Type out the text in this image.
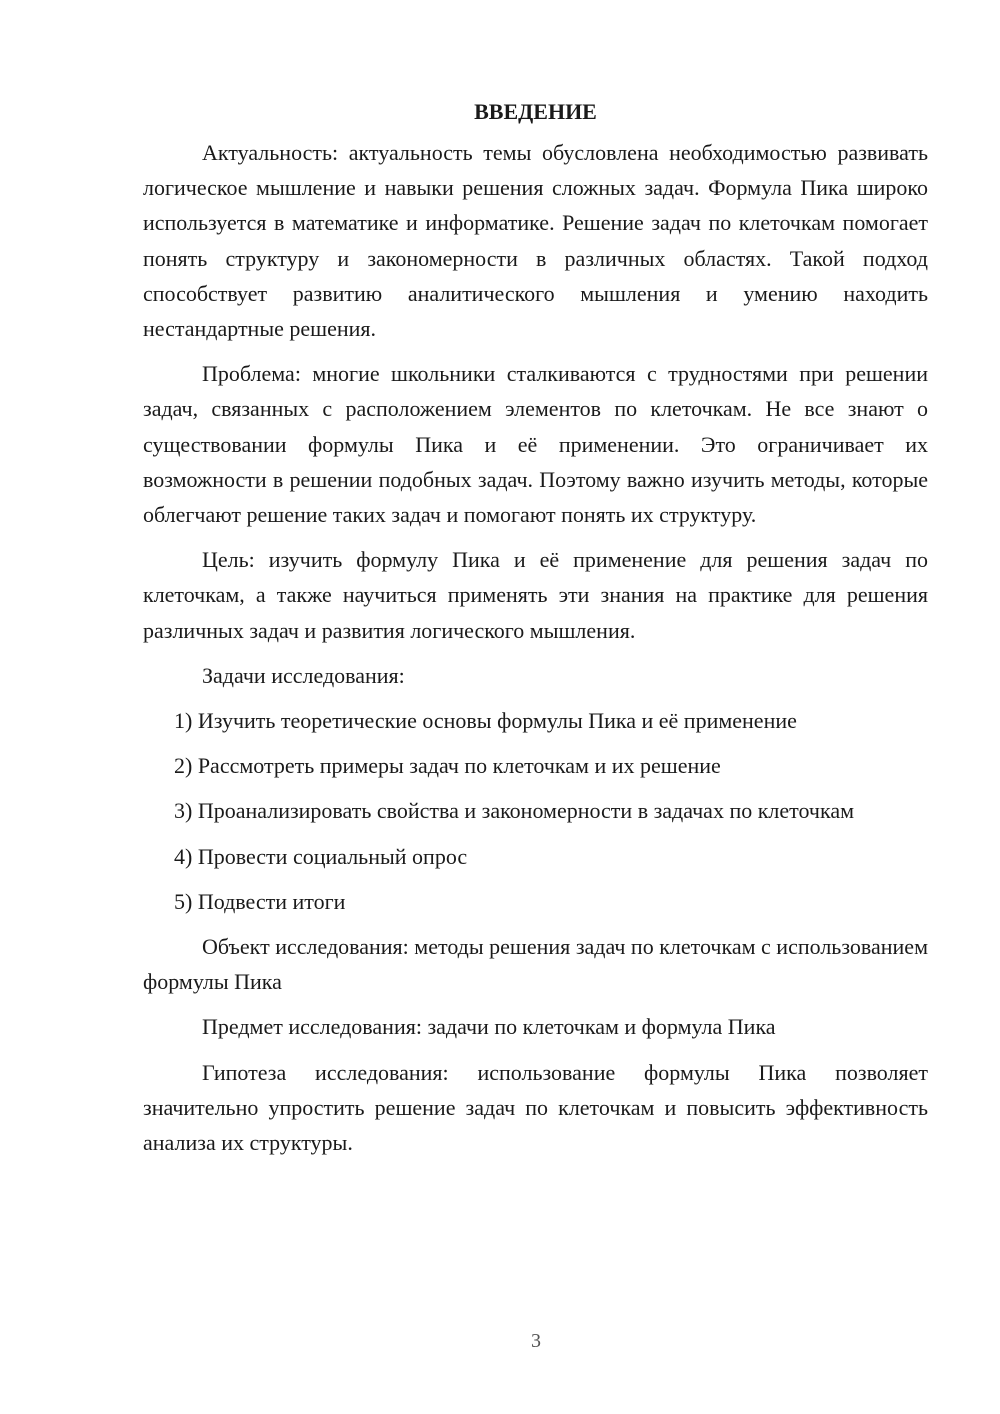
ВВЕДЕНИЕ

Актуальность: актуальность темы обусловлена необходимостью развивать логическое мышление и навыки решения сложных задач. Формула Пика широко используется в математике и информатике. Решение задач по клеточкам помогает понять структуру и закономерности в различных областях. Такой подход способствует развитию аналитического мышления и умению находить нестандартные решения.

Проблема: многие школьники сталкиваются с трудностями при решении задач, связанных с расположением элементов по клеточкам. Не все знают о существовании формулы Пика и её применении. Это ограничивает их возможности в решении подобных задач. Поэтому важно изучить методы, которые облегчают решение таких задач и помогают понять их структуру.

Цель: изучить формулу Пика и её применение для решения задач по клеточкам, а также научиться применять эти знания на практике для решения различных задач и развития логического мышления.

Задачи исследования:

1) Изучить теоретические основы формулы Пика и её применение

2) Рассмотреть примеры задач по клеточкам и их решение

3) Проанализировать свойства и закономерности в задачах по клеточкам

4) Провести социальный опрос

5) Подвести итоги

Объект исследования: методы решения задач по клеточкам с использованием формулы Пика

Предмет исследования: задачи по клеточкам и формула Пика

Гипотеза исследования: использование формулы Пика позволяет значительно упростить решение задач по клеточкам и повысить эффективность анализа их структуры.

3
